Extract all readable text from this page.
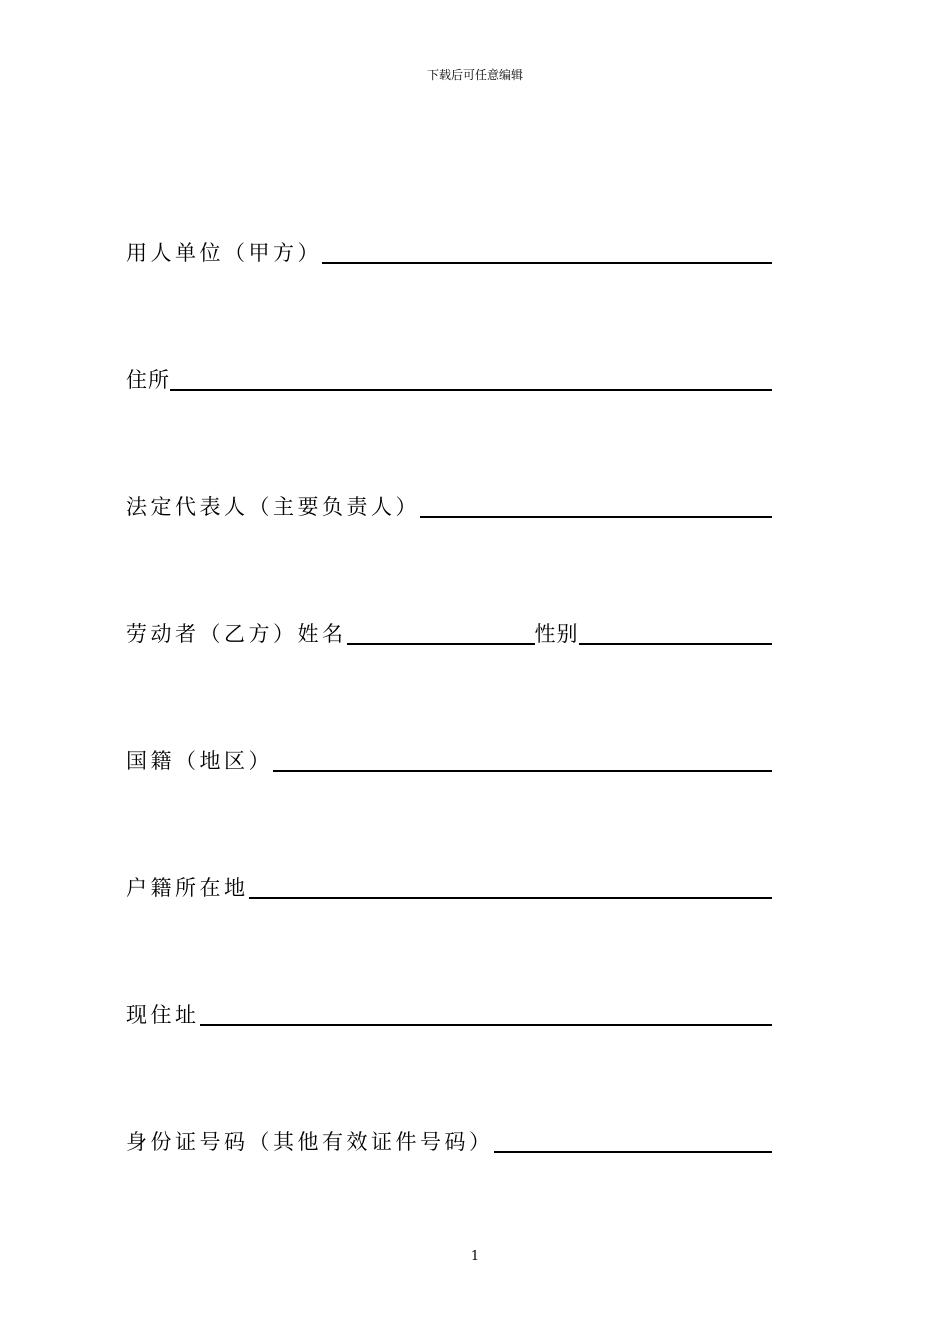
下载后可任意编辑
用人单位（甲方）
住所
法定代表人（主要负责人）
劳动者（乙方）姓名	性别
国籍（地区）
户籍所在地
现住址
身份证号码（其他有效证件号码）
1
